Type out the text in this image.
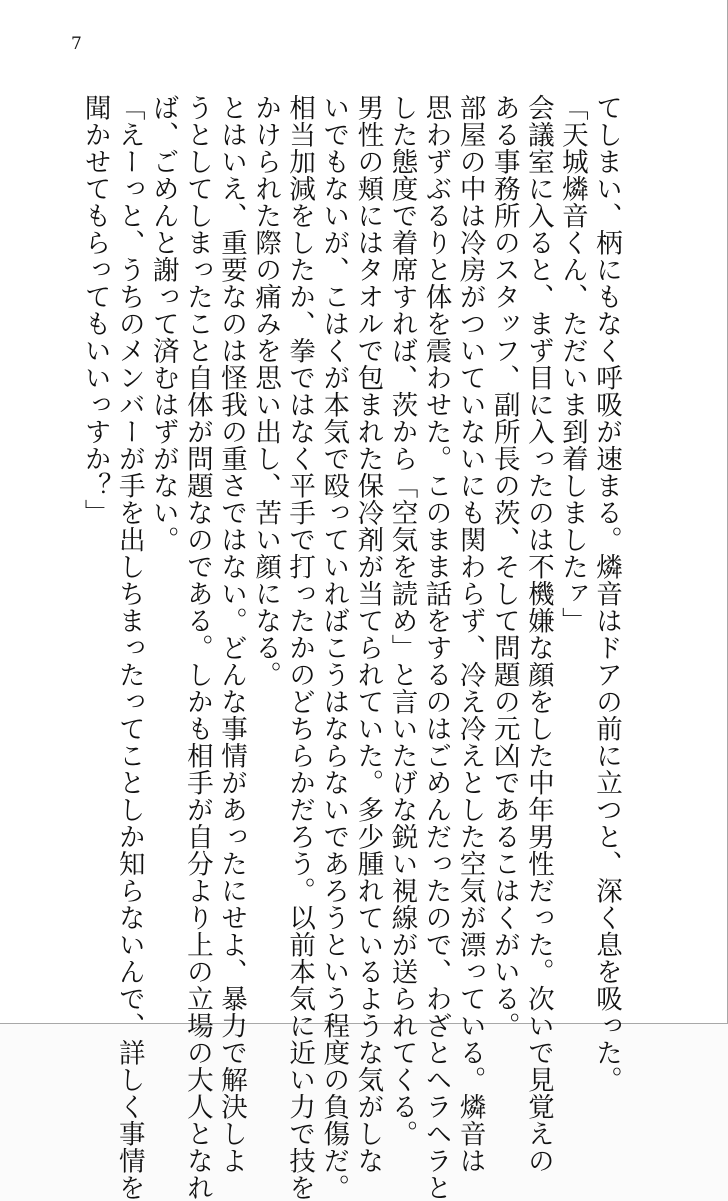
7
てしまい、柄にもなく呼吸が速まる。燐音はドアの前に立つと、深く息を吸った。
「天城燐音くん、ただいま到着しましたァ」
会議室に入ると、まず目に入ったのは不機嫌な顔をした中年男性だった。次いで見覚えの
ある事務所のスタッフ、副所長の茨、そして問題の元凶であるこはくがいる。
部屋の中は冷房がついていないにも関わらず、冷え冷えとした空気が漂っている。燐音は
思わずぶるりと体を震わせた。このまま話をするのはごめんだったので、わざとヘラヘラと
した態度で着席すれば、茨から「空気を読め」と言いたげな鋭い視線が送られてくる。
男性の頬にはタオルで包まれた保冷剤が当てられていた。多少腫れているような気がしな
いでもないが、こはくが本気で殴っていればこうはならないであろうという程度の負傷だ。
相当加減をしたか、拳ではなく平手で打ったかのどちらかだろう。以前本気に近い力で技を
かけられた際の痛みを思い出し、苦い顔になる。
とはいえ、重要なのは怪我の重さではない。どんな事情があったにせよ、暴力で解決しよ
うとしてしまったこと自体が問題なのである。しかも相手が自分より上の立場の大人となれ
ば、ごめんと謝って済むはずがない。
「えーっと、うちのメンバーが手を出しちまったってことしか知らないんで、詳しく事情を
聞かせてもらってもいいっすか？」
